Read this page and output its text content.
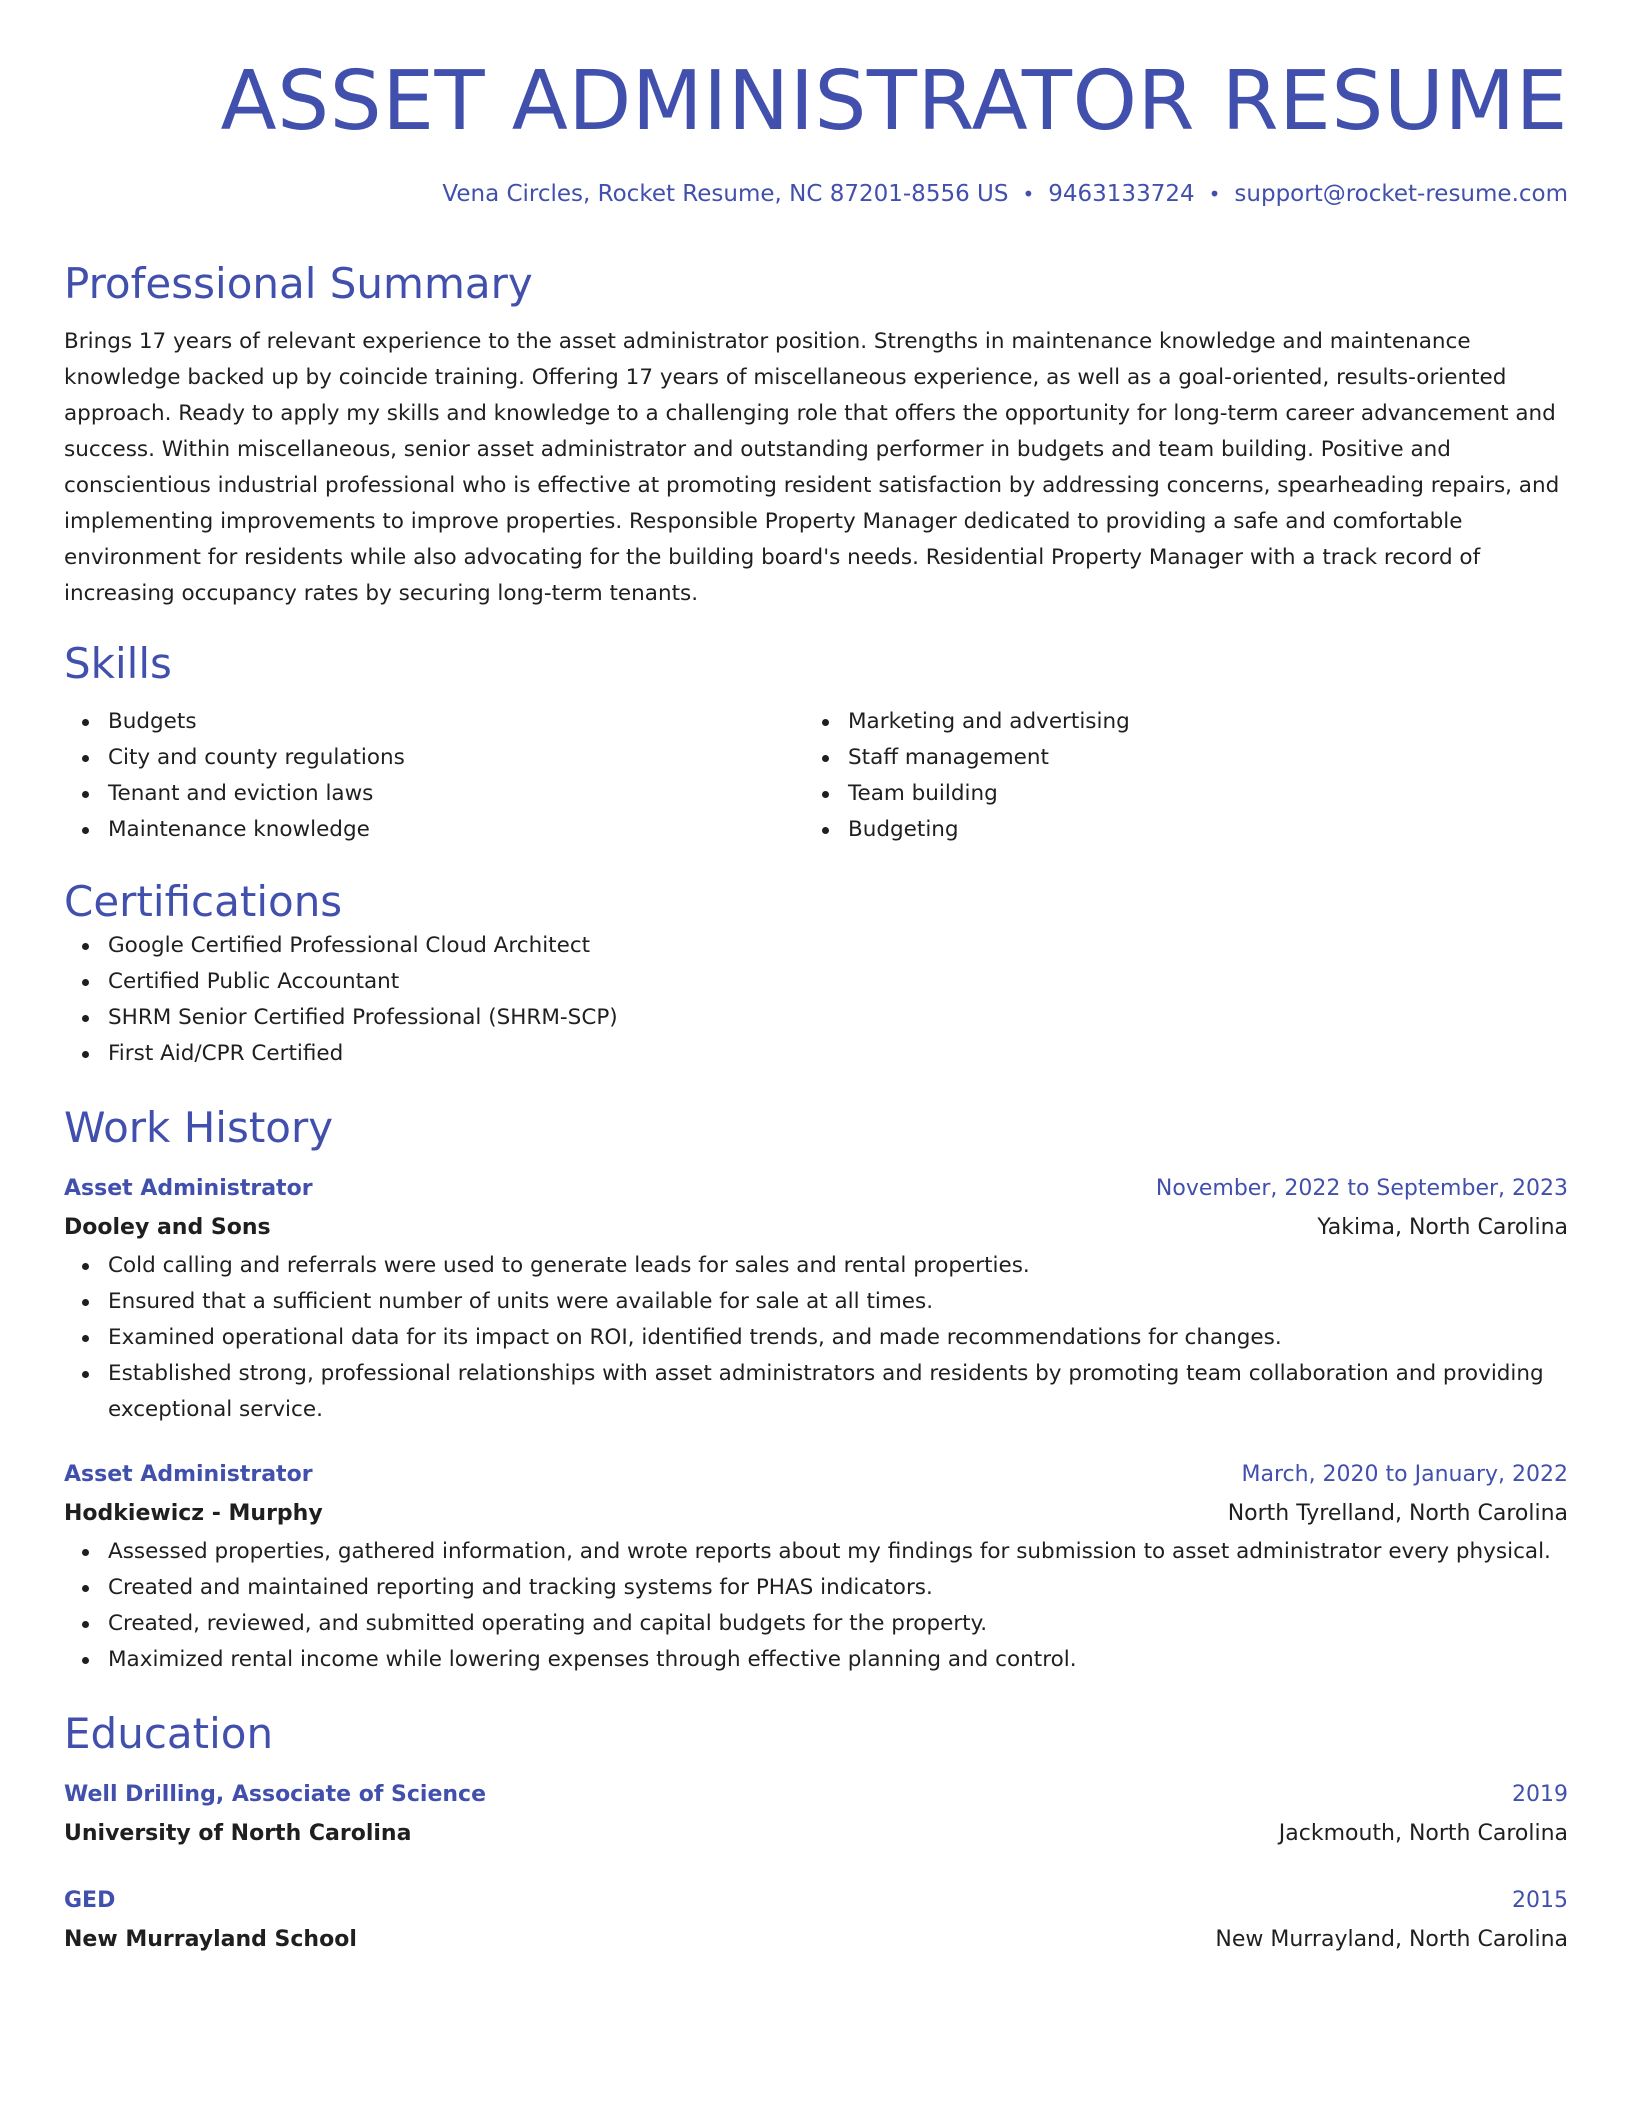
ASSET ADMINISTRATOR RESUME
Vena Circles, Rocket Resume, NC 87201-8556 US • 9463133724 • support@rocket-resume.com
Professional Summary
Brings 17 years of relevant experience to the asset administrator position. Strengths in maintenance knowledge and maintenance knowledge backed up by coincide training. Offering 17 years of miscellaneous experience, as well as a goal-oriented, results-oriented approach. Ready to apply my skills and knowledge to a challenging role that offers the opportunity for long-term career advancement and success. Within miscellaneous, senior asset administrator and outstanding performer in budgets and team building. Positive and conscientious industrial professional who is effective at promoting resident satisfaction by addressing concerns, spearheading repairs, and implementing improvements to improve properties. Responsible Property Manager dedicated to providing a safe and comfortable environment for residents while also advocating for the building board's needs. Residential Property Manager with a track record of increasing occupancy rates by securing long-term tenants.
Skills
Budgets
City and county regulations
Tenant and eviction laws
Maintenance knowledge
Marketing and advertising
Staff management
Team building
Budgeting
Certifications
Google Certified Professional Cloud Architect
Certified Public Accountant
SHRM Senior Certified Professional (SHRM-SCP)
First Aid/CPR Certified
Work History
Asset Administrator	November, 2022 to September, 2023
Dooley and Sons	Yakima, North Carolina
Cold calling and referrals were used to generate leads for sales and rental properties.
Ensured that a sufficient number of units were available for sale at all times.
Examined operational data for its impact on ROI, identified trends, and made recommendations for changes.
Established strong, professional relationships with asset administrators and residents by promoting team collaboration and providing exceptional service.
Asset Administrator	March, 2020 to January, 2022
Hodkiewicz - Murphy	North Tyrelland, North Carolina
Assessed properties, gathered information, and wrote reports about my findings for submission to asset administrator every physical.
Created and maintained reporting and tracking systems for PHAS indicators.
Created, reviewed, and submitted operating and capital budgets for the property.
Maximized rental income while lowering expenses through effective planning and control.
Education
Well Drilling, Associate of Science	2019
University of North Carolina	Jackmouth, North Carolina
GED	2015
New Murrayland School	New Murrayland, North Carolina
